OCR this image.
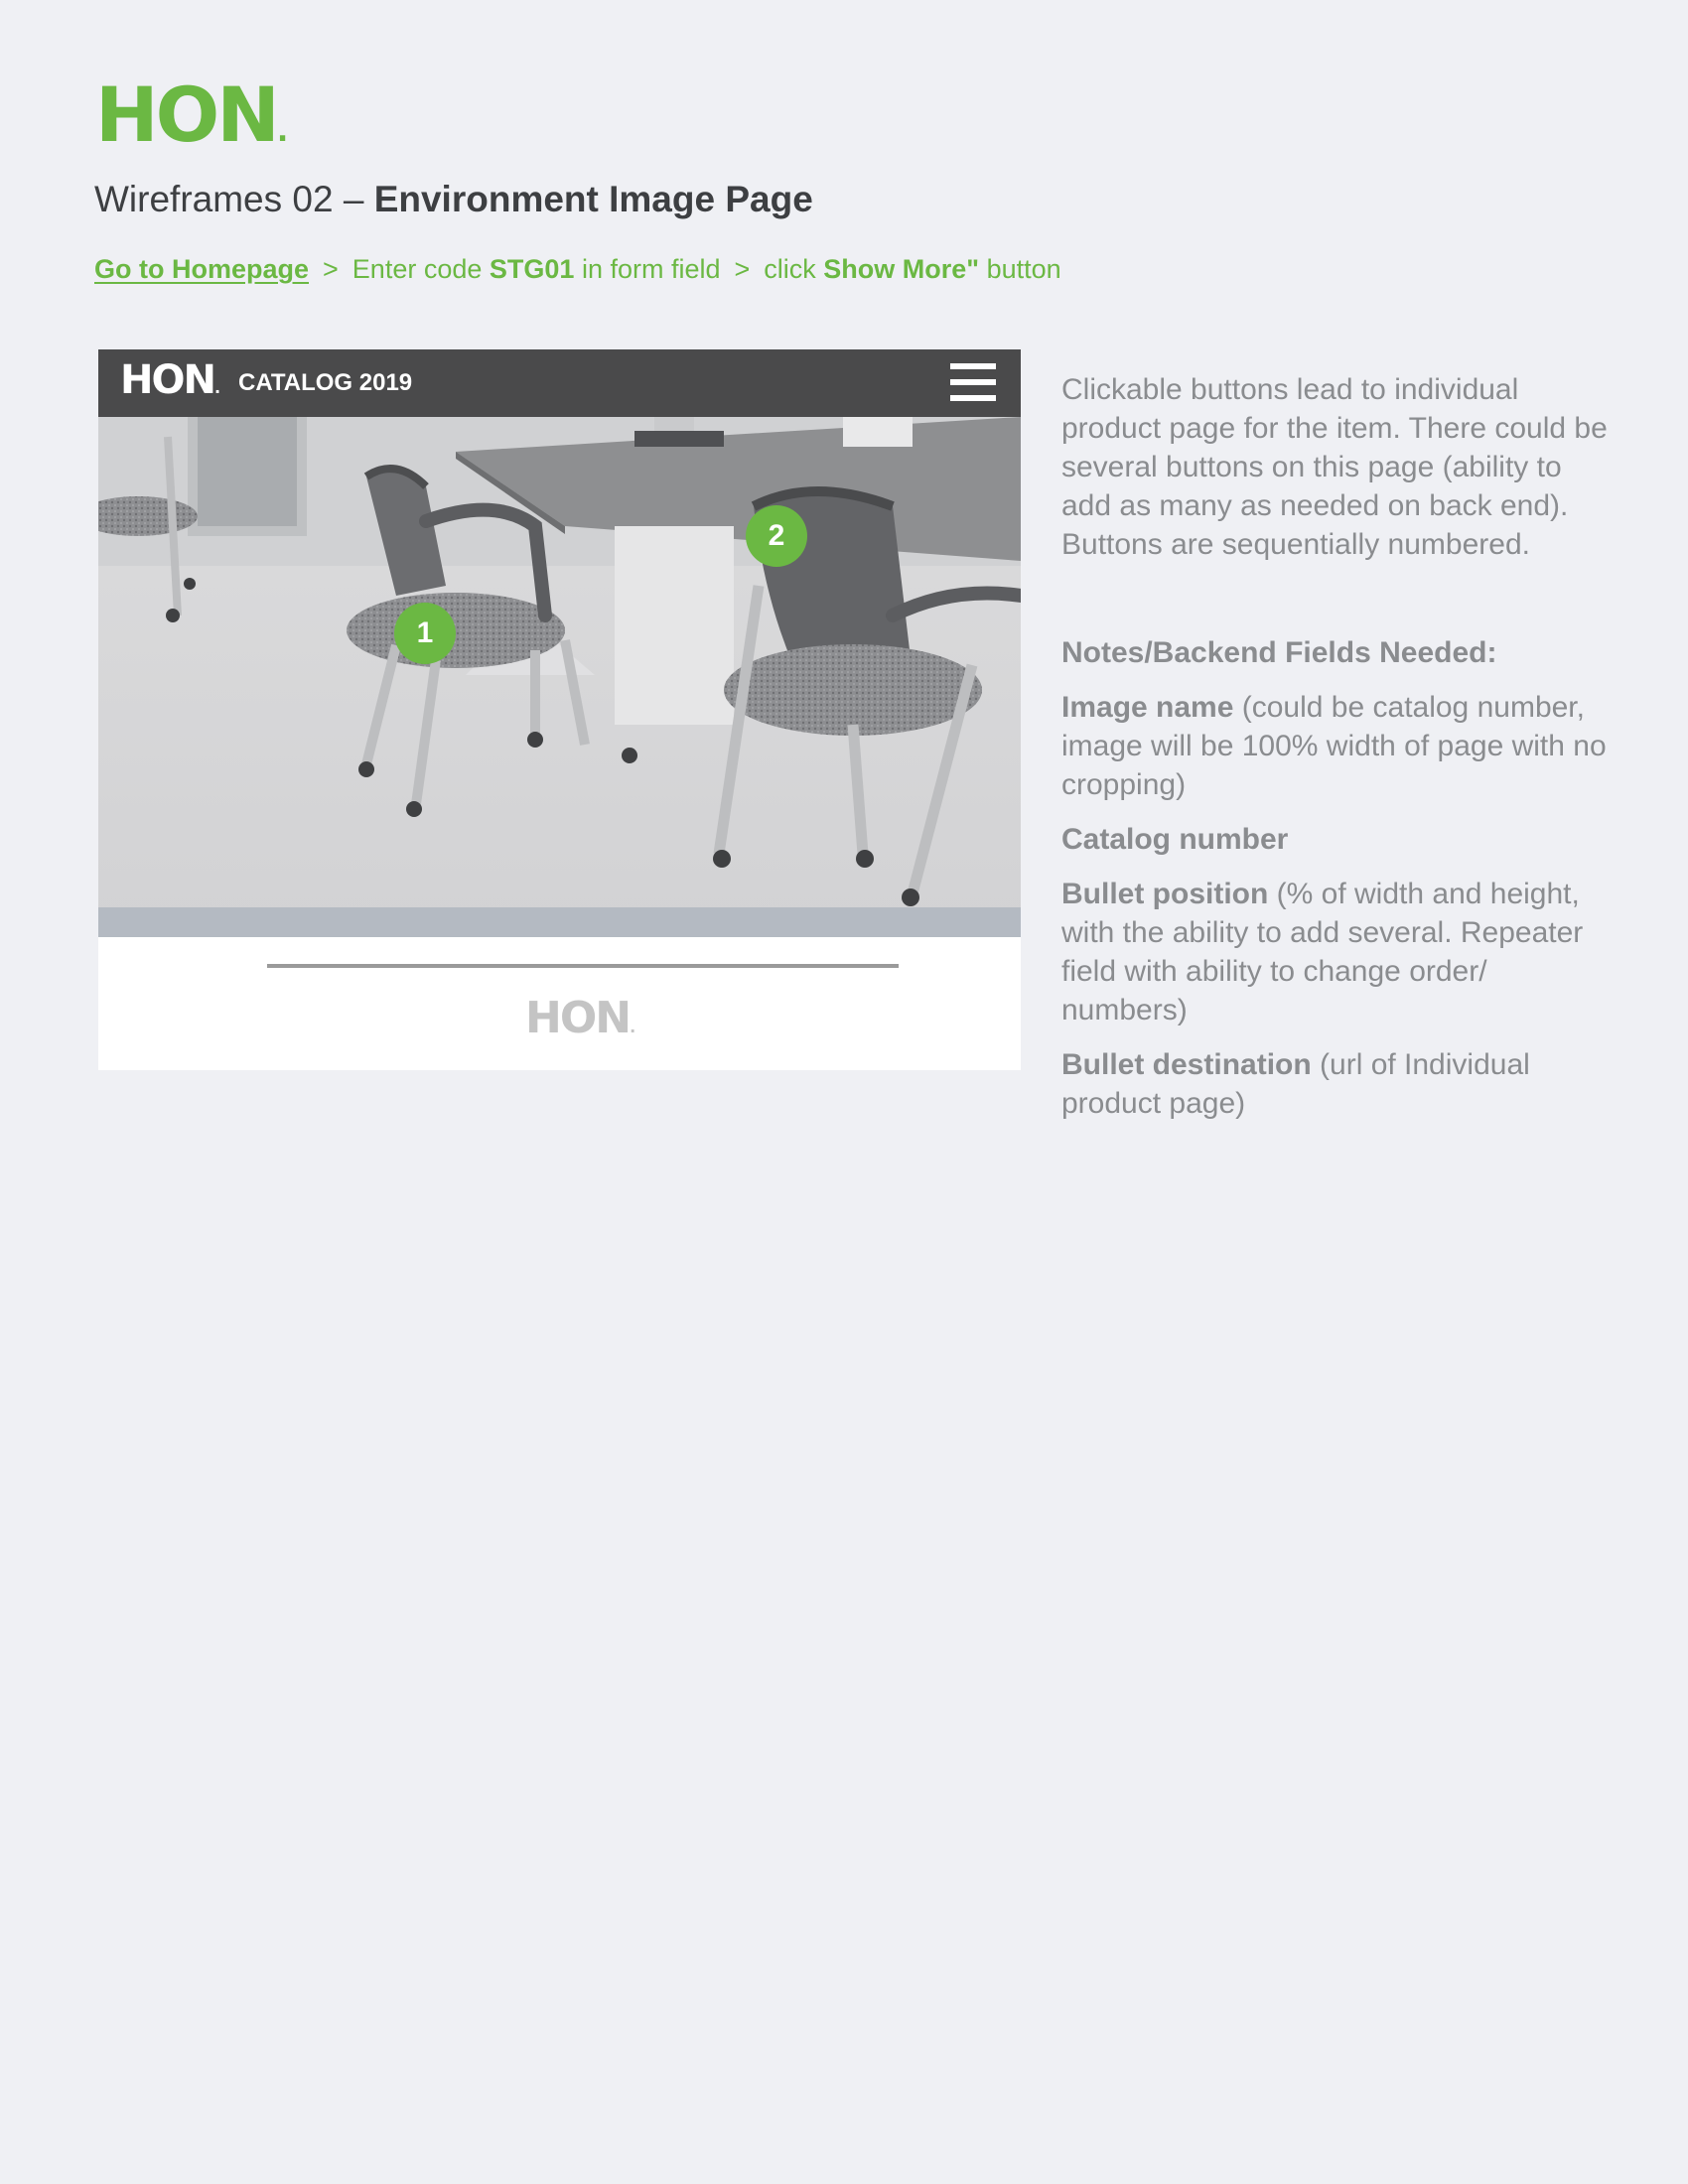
HON.
Wireframes 02 – Environment Image Page
Go to Homepage > Enter code STG01 in form field > click Show More" button
HON. CATALOG 2019
1
2
HON.

Clickable buttons lead to individual product page for the item. There could be several buttons on this page (ability to add as many as needed on back end). Buttons are sequentially numbered.

Notes/Backend Fields Needed:

Image name (could be catalog number, image will be 100% width of page with no cropping)

Catalog number

Bullet position (% of width and height, with the ability to add several. Repeater field with ability to change order/ numbers)

Bullet destination (url of Individual product page)
